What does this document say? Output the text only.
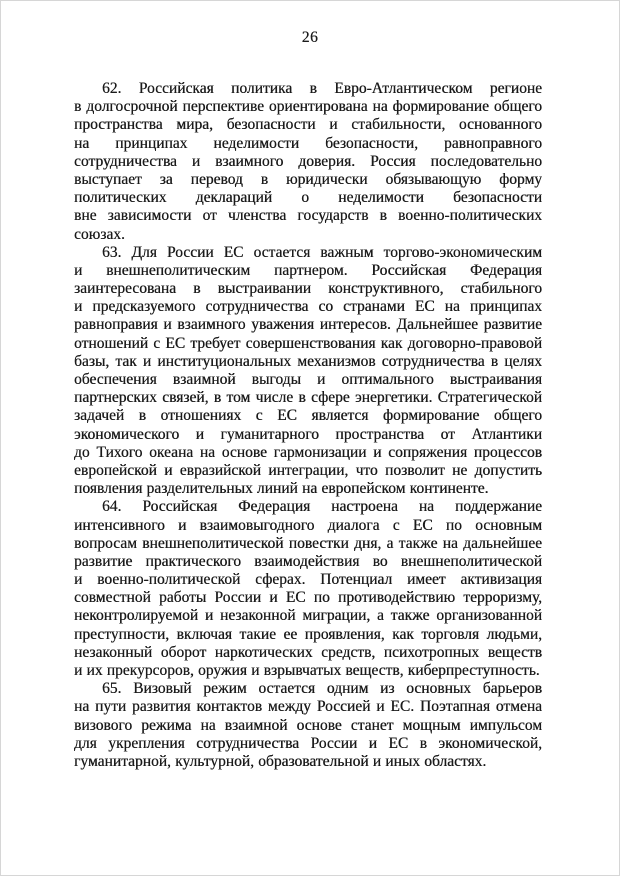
26

62. Российская политика в Евро-Атлантическом регионе
в долгосрочной перспективе ориентирована на формирование общего
пространства мира, безопасности и стабильности, основанного
на принципах неделимости безопасности, равноправного
сотрудничества и взаимного доверия. Россия последовательно
выступает за перевод в юридически обязывающую форму
политических деклараций о неделимости безопасности
вне зависимости от членства государств в военно-политических
союзах.

63. Для России ЕС остается важным торгово-экономическим
и внешнеполитическим партнером. Российская Федерация
заинтересована в выстраивании конструктивного, стабильного
и предсказуемого сотрудничества со странами ЕС на принципах
равноправия и взаимного уважения интересов. Дальнейшее развитие
отношений с ЕС требует совершенствования как договорно-правовой
базы, так и институциональных механизмов сотрудничества в целях
обеспечения взаимной выгоды и оптимального выстраивания
партнерских связей, в том числе в сфере энергетики. Стратегической
задачей в отношениях с ЕС является формирование общего
экономического и гуманитарного пространства от Атлантики
до Тихого океана на основе гармонизации и сопряжения процессов
европейской и евразийской интеграции, что позволит не допустить
появления разделительных линий на европейском континенте.

64. Российская Федерация настроена на поддержание
интенсивного и взаимовыгодного диалога с ЕС по основным
вопросам внешнеполитической повестки дня, а также на дальнейшее
развитие практического взаимодействия во внешнеполитической
и военно-политической сферах. Потенциал имеет активизация
совместной работы России и ЕС по противодействию терроризму,
неконтролируемой и незаконной миграции, а также организованной
преступности, включая такие ее проявления, как торговля людьми,
незаконный оборот наркотических средств, психотропных веществ
и их прекурсоров, оружия и взрывчатых веществ, киберпреступность.

65. Визовый режим остается одним из основных барьеров
на пути развития контактов между Россией и ЕС. Поэтапная отмена
визового режима на взаимной основе станет мощным импульсом
для укрепления сотрудничества России и ЕС в экономической,
гуманитарной, культурной, образовательной и иных областях.
